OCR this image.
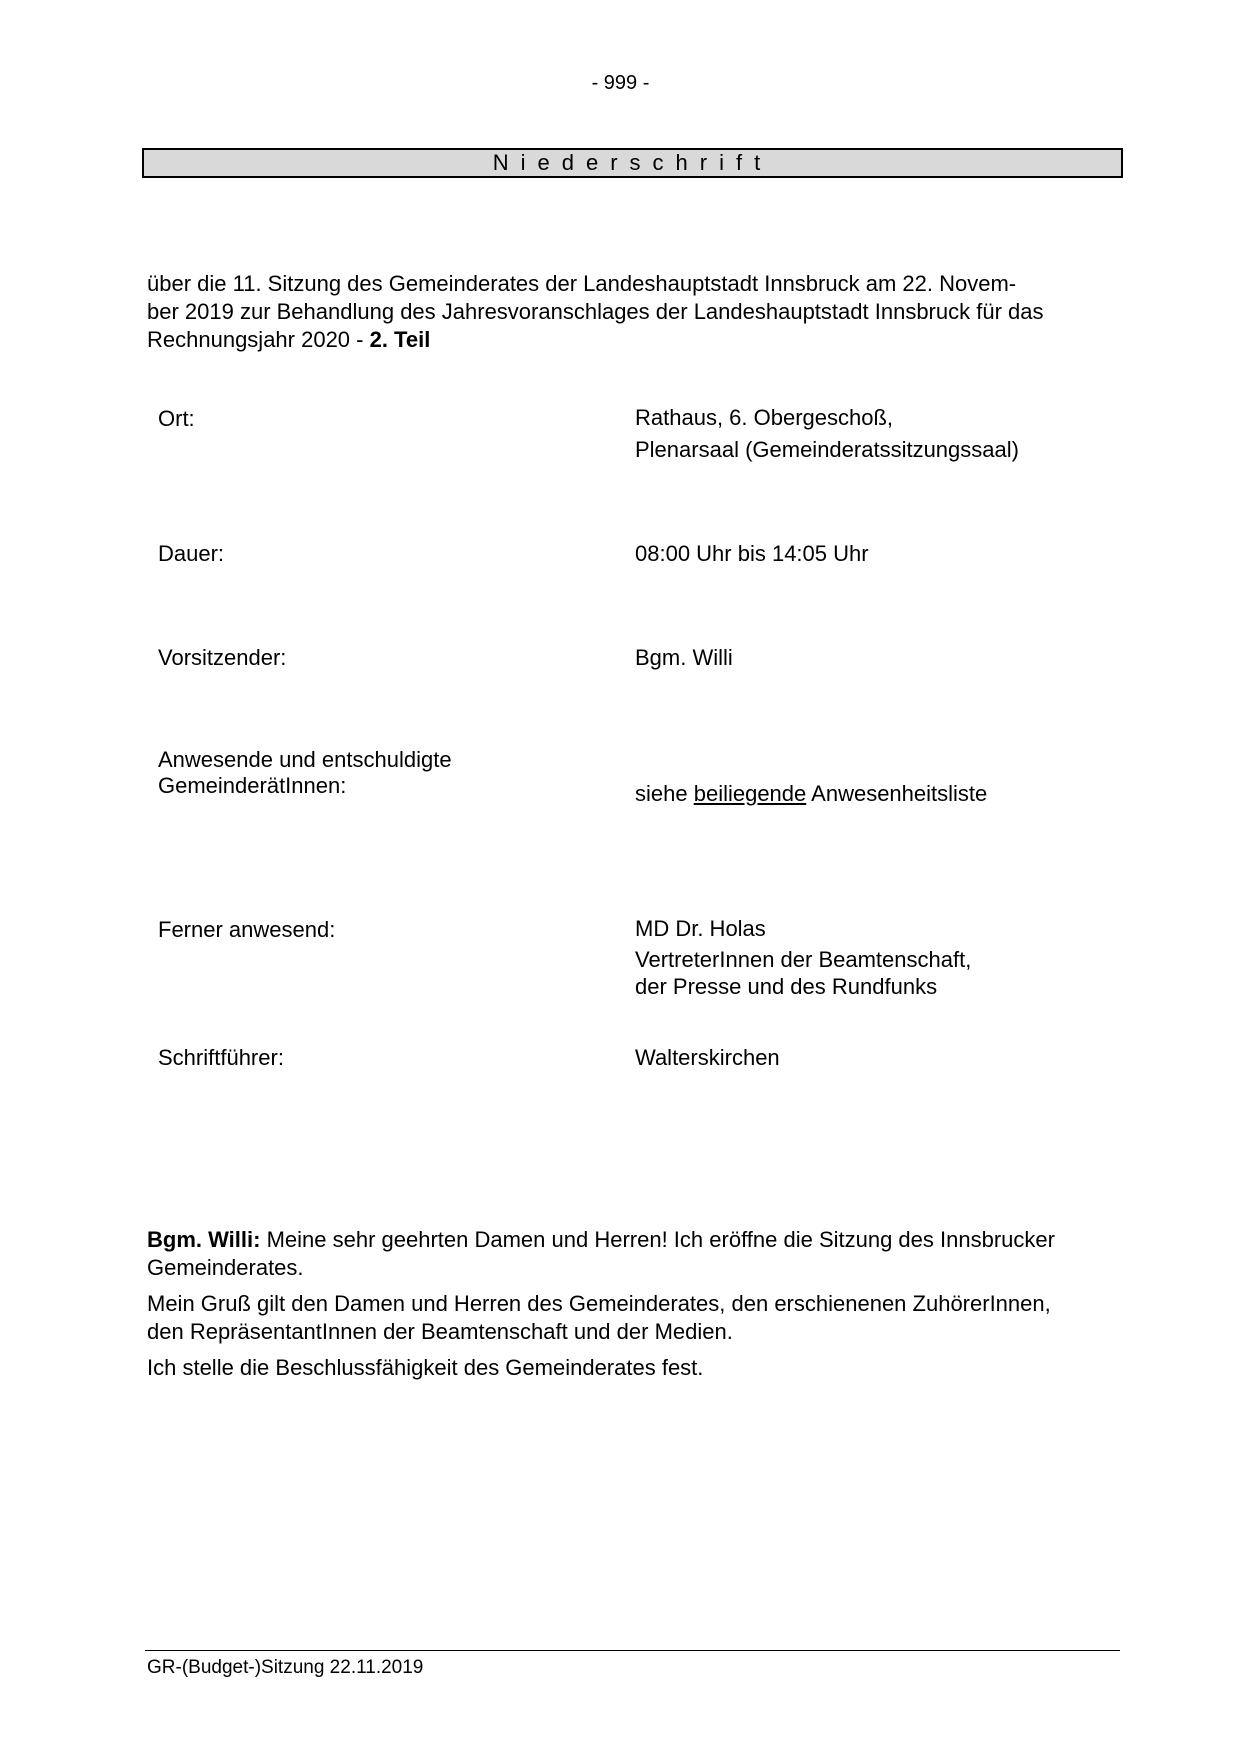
- 999 -
Niederschrift

über die 11. Sitzung des Gemeinderates der Landeshauptstadt Innsbruck am 22. Novem-
ber 2019 zur Behandlung des Jahresvoranschlages der Landeshauptstadt Innsbruck für das
Rechnungsjahr 2020 - 2. Teil

Ort:	Rathaus, 6. Obergeschoß,
Plenarsaal (Gemeinderatssitzungssaal)
Dauer:	08:00 Uhr bis 14:05 Uhr
Vorsitzender:	Bgm. Willi
Anwesende und entschuldigte
GemeinderätInnen:	siehe beiliegende Anwesenheitsliste
Ferner anwesend:	MD Dr. Holas
VertreterInnen der Beamtenschaft,
der Presse und des Rundfunks
Schriftführer:	Walterskirchen

Bgm. Willi: Meine sehr geehrten Damen und Herren! Ich eröffne die Sitzung des Innsbrucker
Gemeinderates.

Mein Gruß gilt den Damen und Herren des Gemeinderates, den erschienenen ZuhörerInnen,
den RepräsentantInnen der Beamtenschaft und der Medien.

Ich stelle die Beschlussfähigkeit des Gemeinderates fest.

GR-(Budget-)Sitzung 22.11.2019
